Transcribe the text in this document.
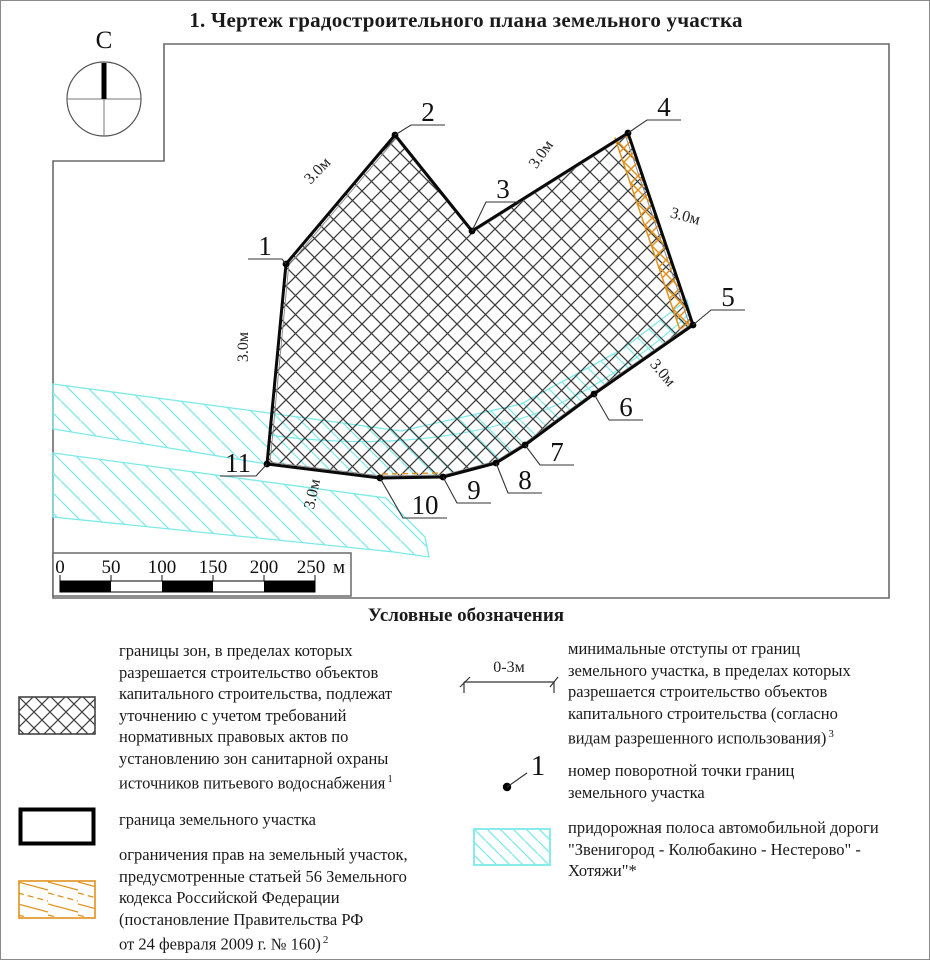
1. Чертеж градостроительного плана земельного участка
С
1
2
3
4
5
6
7
8
9
10
11
3.0м	3.0м
3.0м
3.0м
3.0м
3.0м
0 50 100 150 200 250 м
Условные обозначения
0-3м
1
границы зон, в пределах которых
разрешается строительство объектов
капитального строительства, подлежат
уточнению с учетом требований
нормативных правовых актов по
установлению зон санитарной охраны
источников питьевого водоснабжения $^1$
граница земельного участка
ограничения прав на земельный участок,
предусмотренные статьей 56 Земельного
кодекса Российской Федерации
(постановление Правительства РФ
от 24 февраля 2009 г. № 160) $^2$
минимальные отступы от границ
земельного участка, в пределах которых
разрешается строительство объектов
капитального строительства (согласно
видам разрешенного использования) $^3$
номер поворотной точки границ
земельного участка
придорожная полоса автомобильной дороги
"Звенигород - Колюбакино - Нестерово" -
Хотяжи"*
